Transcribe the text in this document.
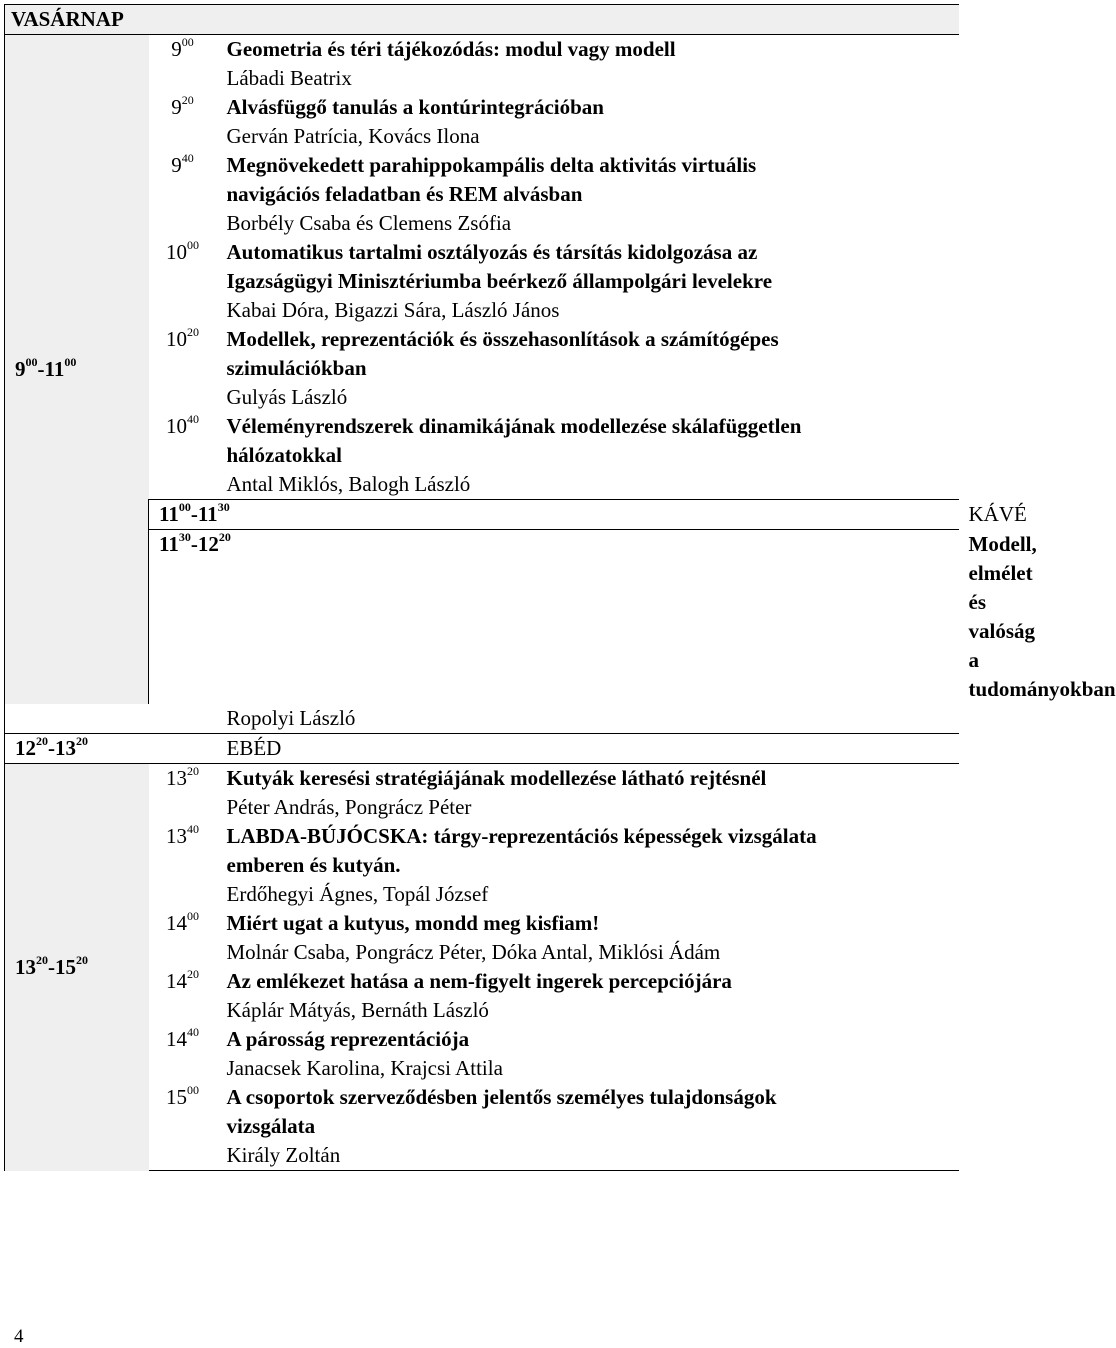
VASÁRNAP			
$9^{00}-11^{00}$	$9^{00}$	Geometria és téri tájékozódás: modul vagy modell	
		Lábadi Beatrix	
	$9^{20}$	Alvásfüggő tanulás a kontúrintegrációban	
		Gerván Patrícia, Kovács Ilona	
	$9^{40}$	Megnövekedett parahippokampális delta aktivitás virtuális
navigációs feladatban és REM alvásban	
		Borbély Csaba és Clemens Zsófia	
	$10^{00}$	Automatikus tartalmi osztályozás és társítás kidolgozása az
Igazságügyi Minisztériumba beérkező állampolgári levelekre	
		Kabai Dóra, Bigazzi Sára, László János	
	$10^{20}$	Modellek, reprezentációk és összehasonlítások a számítógépes
szimulációkban	
		Gulyás László	
	$10^{40}$	Véleményrendszerek dinamikájának modellezése skálafüggetlen
hálózatokkal	
		Antal Miklós, Balogh László	
	$11^{00}-11^{30}$		KÁVÉ
	$11^{30}-12^{20}$		Modell, elmélet és valóság a tudományokban
		Ropolyi László	
$12^{20}-13^{20}$		EBÉD	
$13^{20}-15^{20}$	$13^{20}$	Kutyák keresési stratégiájának modellezése látható rejtésnél	
		Péter András, Pongrácz Péter	
	$13^{40}$	LABDA-BÚJÓCSKA: tárgy-reprezentációs képességek vizsgálata
emberen és kutyán.	
		Erdőhegyi Ágnes, Topál József	
	$14^{00}$	Miért ugat a kutyus, mondd meg kisfiam!	
		Molnár Csaba, Pongrácz Péter, Dóka Antal, Miklósi Ádám	
	$14^{20}$	Az emlékezet hatása a nem-figyelt ingerek percepciójára	
		Káplár Mátyás, Bernáth László	
	$14^{40}$	A párosság reprezentációja	
		Janacsek Karolina, Krajcsi Attila	
	$15^{00}$	A csoportok szerveződésben jelentős személyes tulajdonságok
vizsgálata	
		Király Zoltán	
4
